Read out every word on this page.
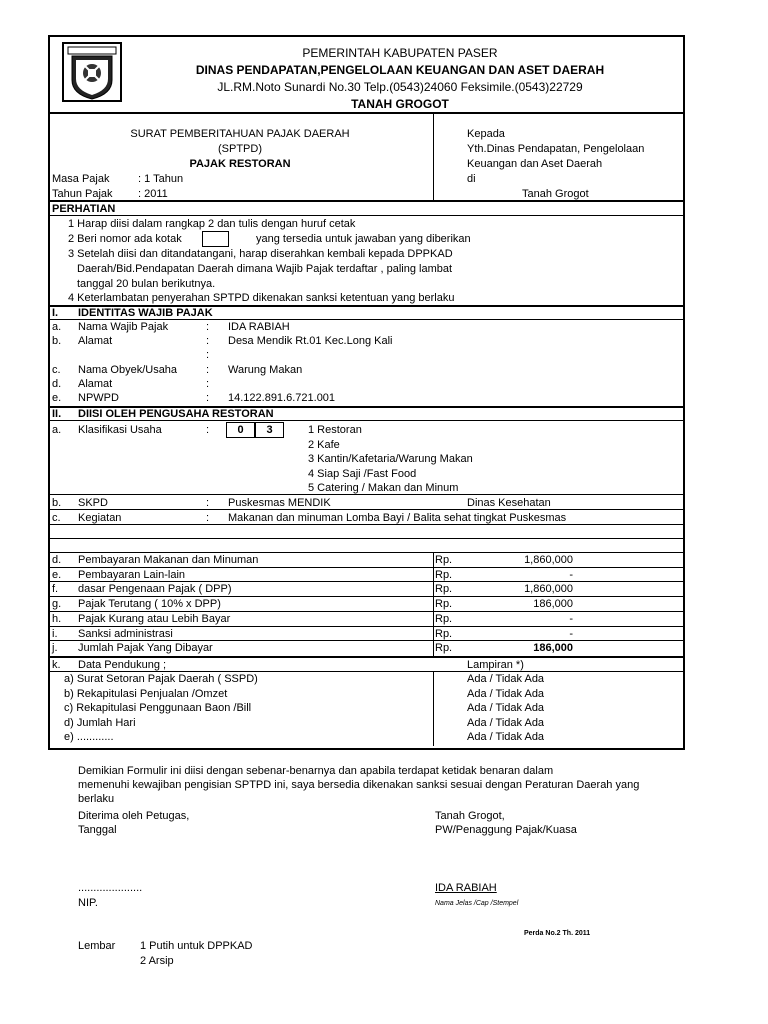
PEMERINTAH KABUPATEN PASER
DINAS PENDAPATAN,PENGELOLAAN KEUANGAN DAN ASET DAERAH
JL.RM.Noto Sunardi No.30 Telp.(0543)24060 Feksimile.(0543)22729
TANAH GROGOT
SURAT PEMBERITAHUAN PAJAK DAERAH
(SPTPD)
PAJAK RESTORAN
Masa Pajak	: 1 Tahun
Tahun Pajak : 2011
Kepada
Yth.Dinas Pendapatan, Pengelolaan
Keuangan dan Aset Daerah
di
Tanah Grogot
PERHATIAN
1 Harap diisi dalam rangkap 2 dan tulis dengan huruf cetak
2 Beri nomor ada kotak	yang tersedia untuk jawaban yang diberikan
3 Setelah diisi dan ditandatangani, harap diserahkan kembali kepada DPPKAD
Daerah/Bid.Pendapatan Daerah dimana Wajib Pajak terdaftar , paling lambat
tanggal 20 bulan berikutnya.
4 Keterlambatan penyerahan SPTPD dikenakan sanksi ketentuan yang berlaku
I. IDENTITAS WAJIB PAJAK
a. Nama Wajib Pajak	: IDA RABIAH
b. Alamat	: Desa Mendik Rt.01 Kec.Long Kali
:
c. Nama Obyek/Usaha	: Warung Makan
d. Alamat	:
e. NPWPD	: 14.122.891.6.721.001
II. DIISI OLEH PENGUSAHA RESTORAN
a. Klasifikasi Usaha	:	0	3	1 Restoran
2 Kafe
3 Kantin/Kafetaria/Warung Makan
4 Siap Saji /Fast Food
5 Catering / Makan dan Minum
b. SKPD	: Puskesmas MENDIK	Dinas Kesehatan
c. Kegiatan	: Makanan dan minuman Lomba Bayi / Balita sehat tingkat Puskesmas
d. Pembayaran Makanan dan Minuman	Rp.	1,860,000
e. Pembayaran Lain-lain	Rp.	-
f. dasar Pengenaan Pajak ( DPP)	Rp.	1,860,000
g. Pajak Terutang ( 10% x DPP)	Rp.	186,000
h. Pajak Kurang atau Lebih Bayar	Rp.	-
i. Sanksi administrasi	Rp.	-
j. Jumlah Pajak Yang Dibayar	Rp.	186,000
k. Data Pendukung ;	Lampiran *)
a) Surat Setoran Pajak Daerah ( SSPD)	Ada / Tidak Ada
b) Rekapitulasi Penjualan /Omzet	Ada / Tidak Ada
c) Rekapitulasi Penggunaan Baon /Bill	Ada / Tidak Ada
d) Jumlah Hari	Ada / Tidak Ada
e) ............	Ada / Tidak Ada
Demikian Formulir ini diisi dengan sebenar-benarnya dan apabila terdapat ketidak benaran dalam
memenuhi kewajiban pengisian SPTPD ini, saya bersedia dikenakan sanksi sesuai dengan Peraturan Daerah yang
berlaku
Diterima oleh Petugas,
Tanggal
.....................
NIP.
Tanah Grogot,
PW/Penaggung Pajak/Kuasa
IDA RABIAH
Nama Jelas /Cap /Stempel
Perda No.2 Th. 2011
Lembar 1 Putih untuk DPPKAD
2 Arsip
